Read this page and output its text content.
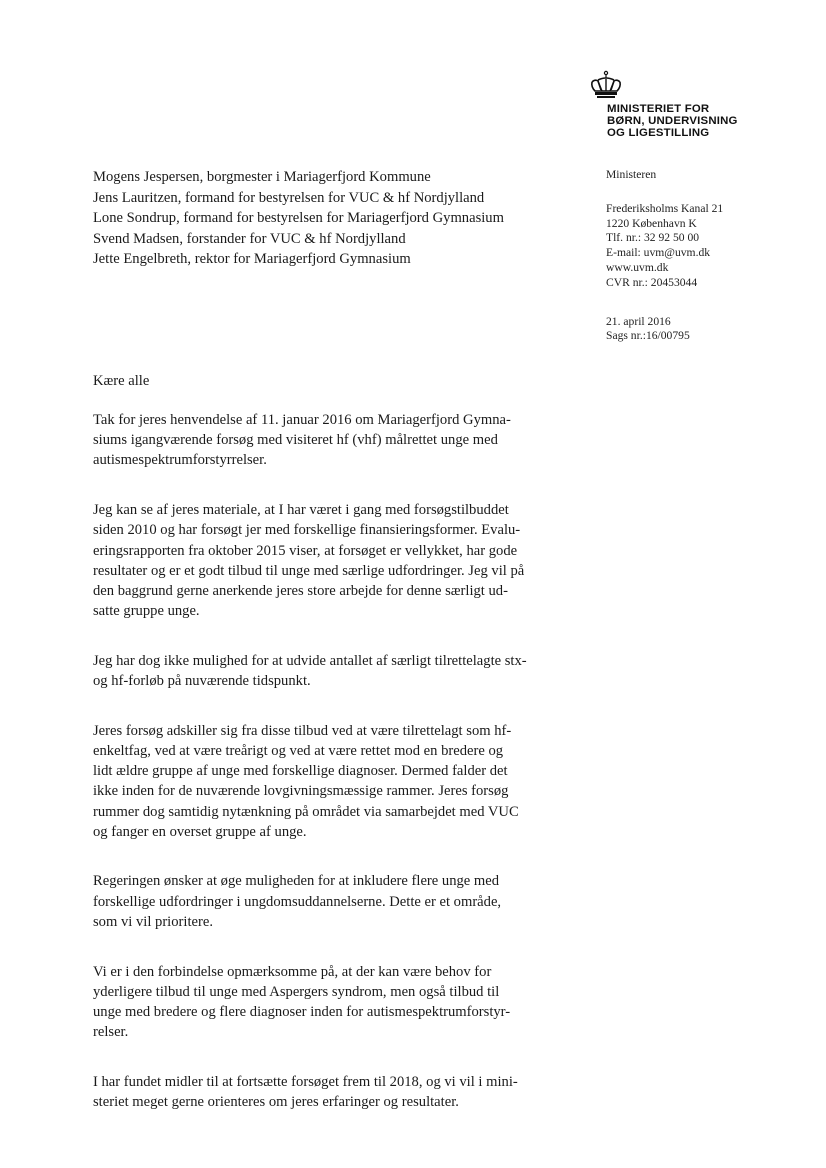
MINISTERIET FOR
BØRN, UNDERVISNING
OG LIGESTILLING
Mogens Jespersen, borgmester i Mariagerfjord Kommune
Jens Lauritzen, formand for bestyrelsen for VUC & hf Nordjylland
Lone Sondrup, formand for bestyrelsen for Mariagerfjord Gymnasium
Svend Madsen, forstander for VUC & hf Nordjylland
Jette Engelbreth, rektor for Mariagerfjord Gymnasium
Ministeren
Frederiksholms Kanal 21
1220 København K
Tlf. nr.: 32 92 50 00
E-mail: uvm@uvm.dk
www.uvm.dk
CVR nr.: 20453044
21. april 2016
Sags nr.:16/00795
Kære alle
Tak for jeres henvendelse af 11. januar 2016 om Mariagerfjord Gymna-
siums igangværende forsøg med visiteret hf (vhf) målrettet unge med
autismespektrumforstyrrelser.
Jeg kan se af jeres materiale, at I har været i gang med forsøgstilbuddet
siden 2010 og har forsøgt jer med forskellige finansieringsformer. Evalu-
eringsrapporten fra oktober 2015 viser, at forsøget er vellykket, har gode
resultater og er et godt tilbud til unge med særlige udfordringer. Jeg vil på
den baggrund gerne anerkende jeres store arbejde for denne særligt ud-
satte gruppe unge.
Jeg har dog ikke mulighed for at udvide antallet af særligt tilrettelagte stx-
og hf-forløb på nuværende tidspunkt.
Jeres forsøg adskiller sig fra disse tilbud ved at være tilrettelagt som hf-
enkeltfag, ved at være treårigt og ved at være rettet mod en bredere og
lidt ældre gruppe af unge med forskellige diagnoser. Dermed falder det
ikke inden for de nuværende lovgivningsmæssige rammer. Jeres forsøg
rummer dog samtidig nytænkning på området via samarbejdet med VUC
og fanger en overset gruppe af unge.
Regeringen ønsker at øge muligheden for at inkludere flere unge med
forskellige udfordringer i ungdomsuddannelserne. Dette er et område,
som vi vil prioritere.
Vi er i den forbindelse opmærksomme på, at der kan være behov for
yderligere tilbud til unge med Aspergers syndrom, men også tilbud til
unge med bredere og flere diagnoser inden for autismespektrumforstyr-
relser.
I har fundet midler til at fortsætte forsøget frem til 2018, og vi vil i mini-
steriet meget gerne orienteres om jeres erfaringer og resultater.
